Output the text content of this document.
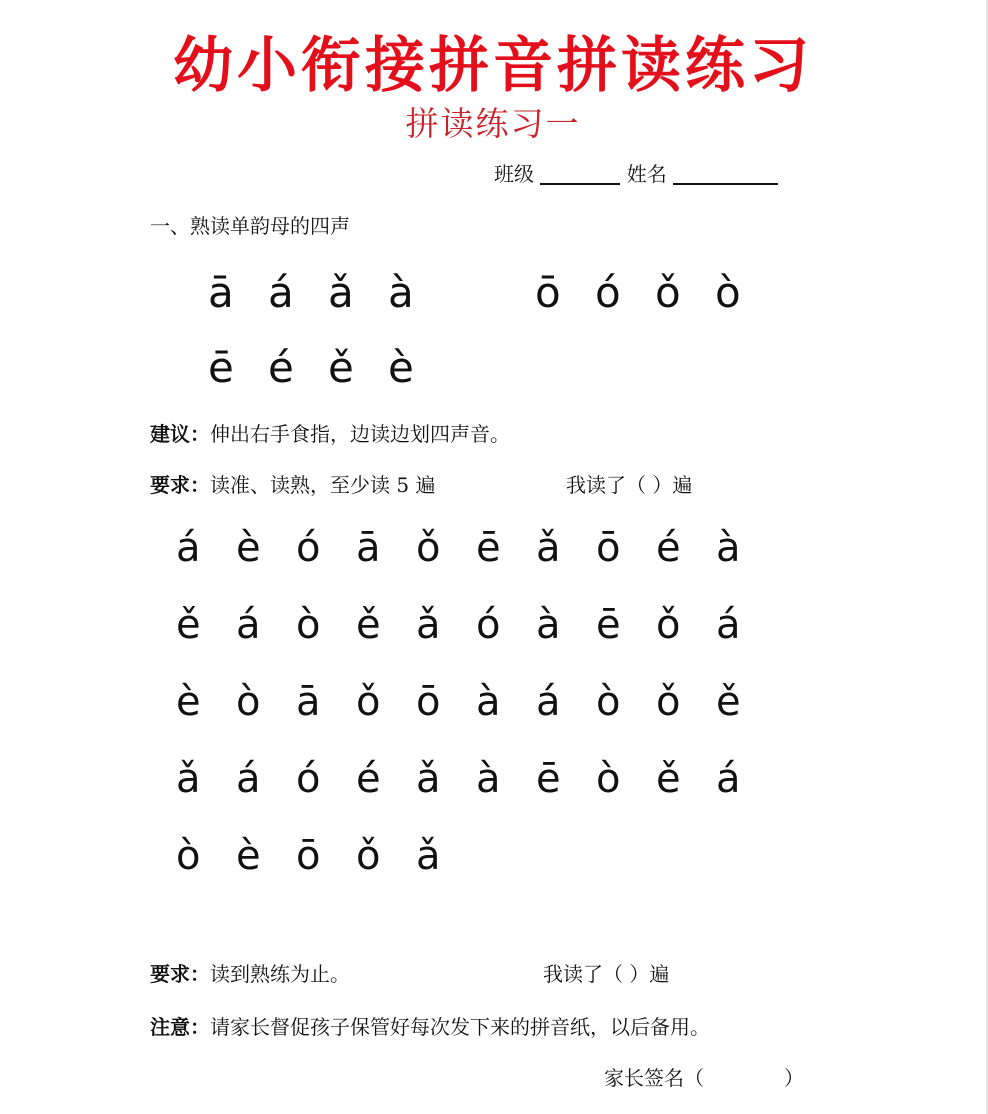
幼小衔接拼音拼读练习
拼读练习一
班级	姓名
一、熟读单韵母的四声
ā á ǎ à	ō ó ǒ ò
ē é ě è
建议：伸出右手食指，边读边划四声音。
要求：读准、读熟，至少读 5 遍	我读了（ ）遍
á è ó ā ǒ ē ǎ ō é à
ě á ò ě ǎ ó à ē ǒ á
è ò ā ǒ ō à á ò ǒ ě
ǎ á ó é ǎ à ē ò ě á
ò è ō ǒ ǎ
要求：读到熟练为止。	我读了（ ）遍
注意：请家长督促孩子保管好每次发下来的拼音纸，以后备用。
家长签名（　　　　）
